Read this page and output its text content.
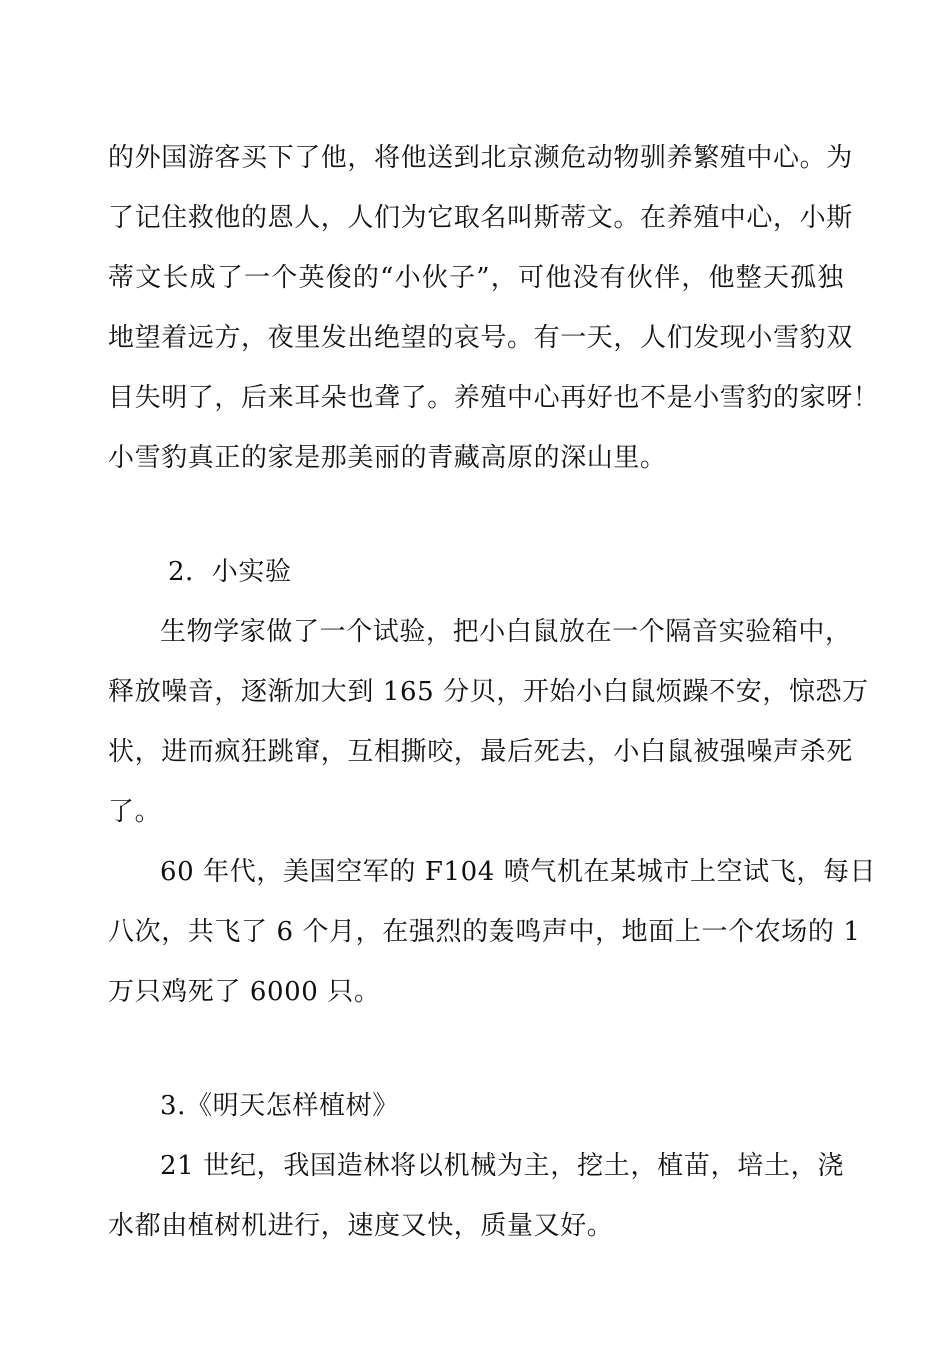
的外国游客买下了他，将他送到北京濒危动物驯养繁殖中心。为
了记住救他的恩人，人们为它取名叫斯蒂文。在养殖中心，小斯
蒂文长成了一个英俊的“小伙子”，可他没有伙伴，他整天孤独
地望着远方，夜里发出绝望的哀号。有一天，人们发现小雪豹双
目失明了，后来耳朵也聋了。养殖中心再好也不是小雪豹的家呀！
小雪豹真正的家是那美丽的青藏高原的深山里。
2．小实验
生物学家做了一个试验，把小白鼠放在一个隔音实验箱中，
释放噪音，逐渐加大到 165 分贝，开始小白鼠烦躁不安，惊恐万
状，进而疯狂跳窜，互相撕咬，最后死去，小白鼠被强噪声杀死
了。
60 年代，美国空军的 F104 喷气机在某城市上空试飞，每日
八次，共飞了 6 个月，在强烈的轰鸣声中，地面上一个农场的 1
万只鸡死了 6000 只。
3.《明天怎样植树》
21 世纪，我国造林将以机械为主，挖土，植苗，培土，浇
水都由植树机进行，速度又快，质量又好。
